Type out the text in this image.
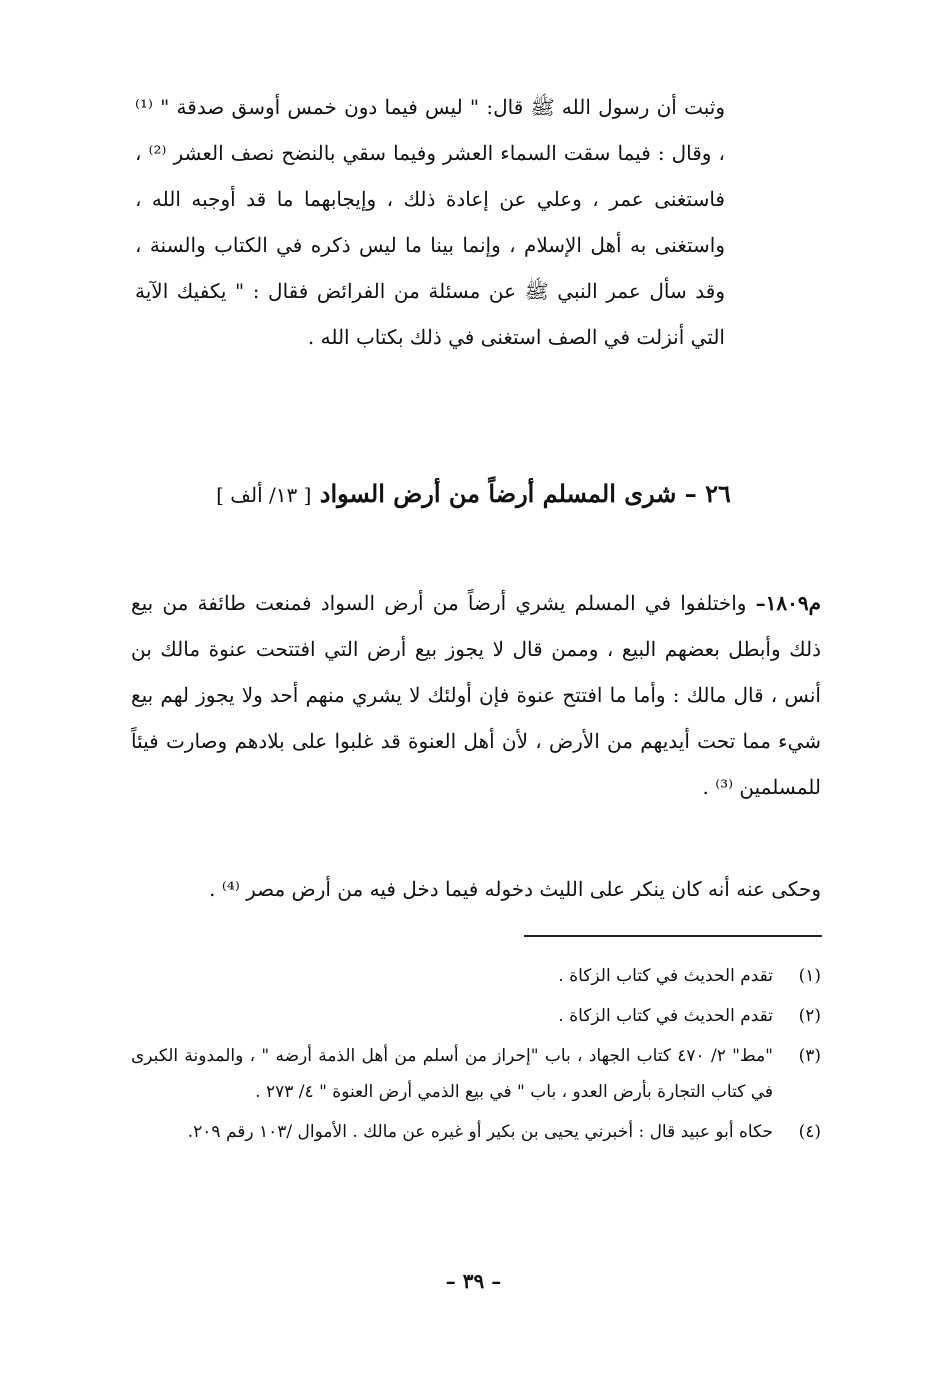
وثبت أن رسول الله ﷺ قال: " ليس فيما دون خمس أوسق صدقة " ⁽¹⁾ ، وقال : فيما سقت السماء العشر وفيما سقي بالنضح نصف العشر ⁽²⁾ ، فاستغنى عمر ، وعلي عن إعادة ذلك ، وإيجابهما ما قد أوجبه الله ، واستغنى به أهل الإسلام ، وإنما بينا ما ليس ذكره في الكتاب والسنة ، وقد سأل عمر النبي ﷺ عن مسئلة من الفرائض فقال : " يكفيك الآية التي أنزلت في الصف استغنى في ذلك بكتاب الله .

٢٦ – شرى المسلم أرضاً من أرض السواد [ ١٣/ ألف ]

م١٨٠٩– واختلفوا في المسلم يشري أرضاً من أرض السواد فمنعت طائفة من بيع ذلك وأبطل بعضهم البيع ، وممن قال لا يجوز بيع أرض التي افتتحت عنوة مالك بن أنس ، قال مالك : وأما ما افتتح عنوة فإن أولئك لا يشري منهم أحد ولا يجوز لهم بيع شيء مما تحت أيديهم من الأرض ، لأن أهل العنوة قد غلبوا على بلادهم وصارت فيئاً للمسلمين ⁽³⁾ .

وحكى عنه أنه كان ينكر على الليث دخوله فيما دخل فيه من أرض مصر ⁽⁴⁾ .

(١)
تقدم الحديث في كتاب الزكاة .
(٢)
تقدم الحديث في كتاب الزكاة .
(٣)
"مط" ٢/ ٤٧٠ كتاب الجهاد ، باب "إحراز من أسلم من أهل الذمة أرضه " ، والمدونة الكبرى في كتاب التجارة بأرض العدو ، باب " في بيع الذمي أرض العنوة " ٤/ ٢٧٣ .
(٤)
حكاه أبو عبيد قال : أخبرني يحيى بن بكير أو غيره عن مالك . الأموال /١٠٣ رقم ٢٠٩.
– ٣٩ –
